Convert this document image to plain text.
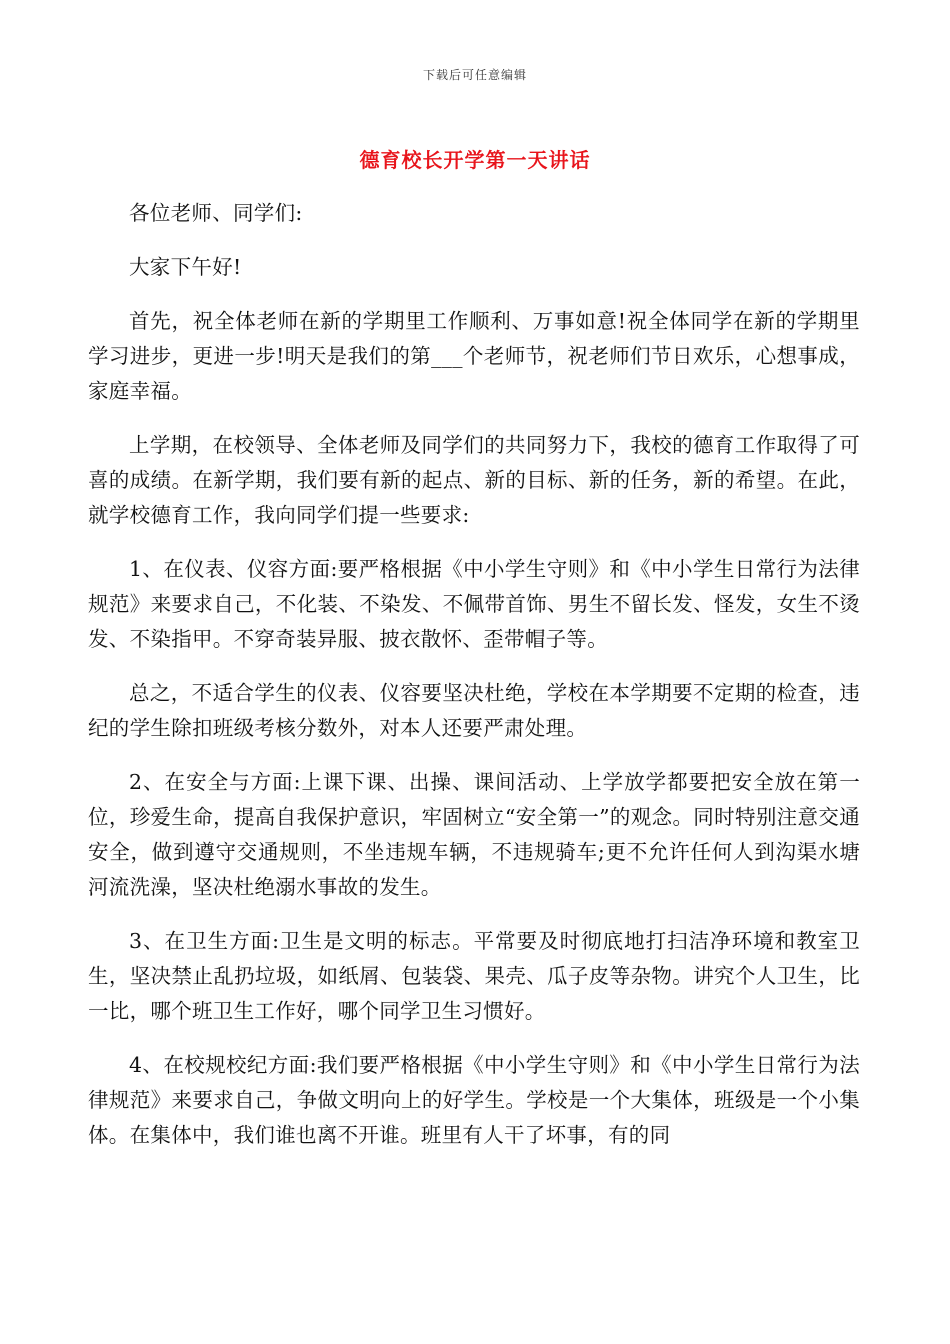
下载后可任意编辑
德育校长开学第一天讲话

各位老师、同学们:

大家下午好!

首先，祝全体老师在新的学期里工作顺利、万事如意!祝全体同学在新的学期里学习进步，更进一步!明天是我们的第___个老师节，祝老师们节日欢乐，心想事成，家庭幸福。

上学期，在校领导、全体老师及同学们的共同努力下，我校的德育工作取得了可喜的成绩。在新学期，我们要有新的起点、新的目标、新的任务，新的希望。在此，就学校德育工作，我向同学们提一些要求:

1、在仪表、仪容方面:要严格根据《中小学生守则》和《中小学生日常行为法律规范》来要求自己，不化装、不染发、不佩带首饰、男生不留长发、怪发，女生不烫发、不染指甲。不穿奇装异服、披衣散怀、歪带帽子等。

总之，不适合学生的仪表、仪容要坚决杜绝，学校在本学期要不定期的检查，违纪的学生除扣班级考核分数外，对本人还要严肃处理。

2、在安全与方面:上课下课、出操、课间活动、上学放学都要把安全放在第一位，珍爱生命，提高自我保护意识，牢固树立“安全第一”的观念。同时特别注意交通安全，做到遵守交通规则，不坐违规车辆，不违规骑车;更不允许任何人到沟渠水塘河流洗澡，坚决杜绝溺水事故的发生。

3、在卫生方面:卫生是文明的标志。平常要及时彻底地打扫洁净环境和教室卫生，坚决禁止乱扔垃圾，如纸屑、包装袋、果壳、瓜子皮等杂物。讲究个人卫生，比一比，哪个班卫生工作好，哪个同学卫生习惯好。

4、在校规校纪方面:我们要严格根据《中小学生守则》和《中小学生日常行为法律规范》来要求自己，争做文明向上的好学生。学校是一个大集体，班级是一个小集体。在集体中，我们谁也离不开谁。班里有人干了坏事，有的同
